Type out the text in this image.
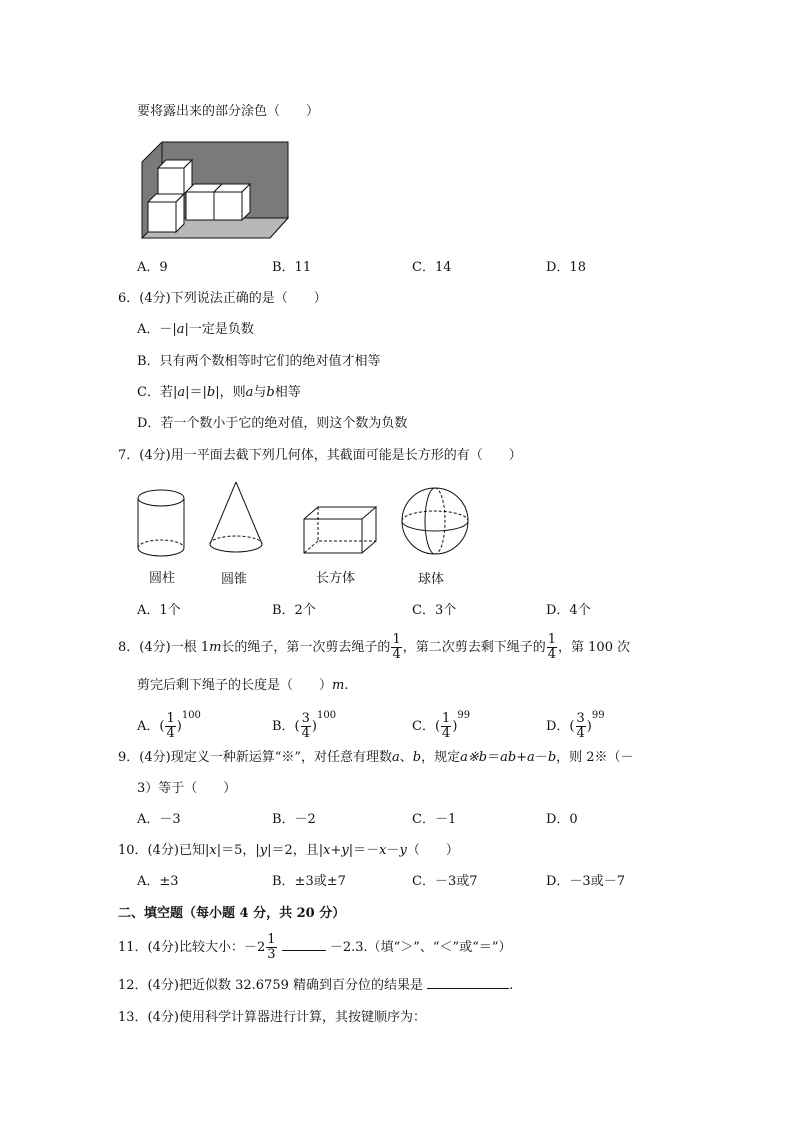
要将露出来的部分涂色（　　）
A．9	B．11	C．14	D．18
6．(4分)下列说法正确的是（　　）
A．－|a|一定是负数
B．只有两个数相等时它们的绝对值才相等
C．若|a|＝|b|，则a与b相等
D．若一个数小于它的绝对值，则这个数为负数
7．(4分)用一平面去截下列几何体，其截面可能是长方形的有（　　）
圆柱	圆锥	长方体	球体
A．1个	B．2个	C．3个	D．4个
8．(4分)一根 1m长的绳子，第一次剪去绳子的 $\frac{1}{4}$ ，第二次剪去剩下绳子的 $\frac{1}{4}$ ，第 100 次
剪完后剩下绳子的长度是（　　）m.
A．( $\frac{1}{4} )^{100}$
B．( $\frac{3}{4} )^{100}$
C．( $\frac{1}{4} )^{99}$
D．( $\frac{3}{4} )^{99}$
9．(4分)现定义一种新运算“※”，对任意有理数a、b，规定a※b＝ab+a－b，则 2※（－
3）等于（　　）
A．－3	B．－2	C．－1	D．0
10．(4分)已知|x|＝5，|y|＝2，且|x+y|＝－x－y（　　）
A．±3	B．±3或±7	C．－3或7	D．－3或－7
二、填空题（每小题 4 分，共 20 分）
11．(4分)比较大小：$-2 \frac{1}{3}$	－2.3.（填“＞”、“＜”或“＝”）
12．(4分)把近似数 32.6759 精确到百分位的结果是	.
13．(4分)使用科学计算器进行计算，其按键顺序为：
